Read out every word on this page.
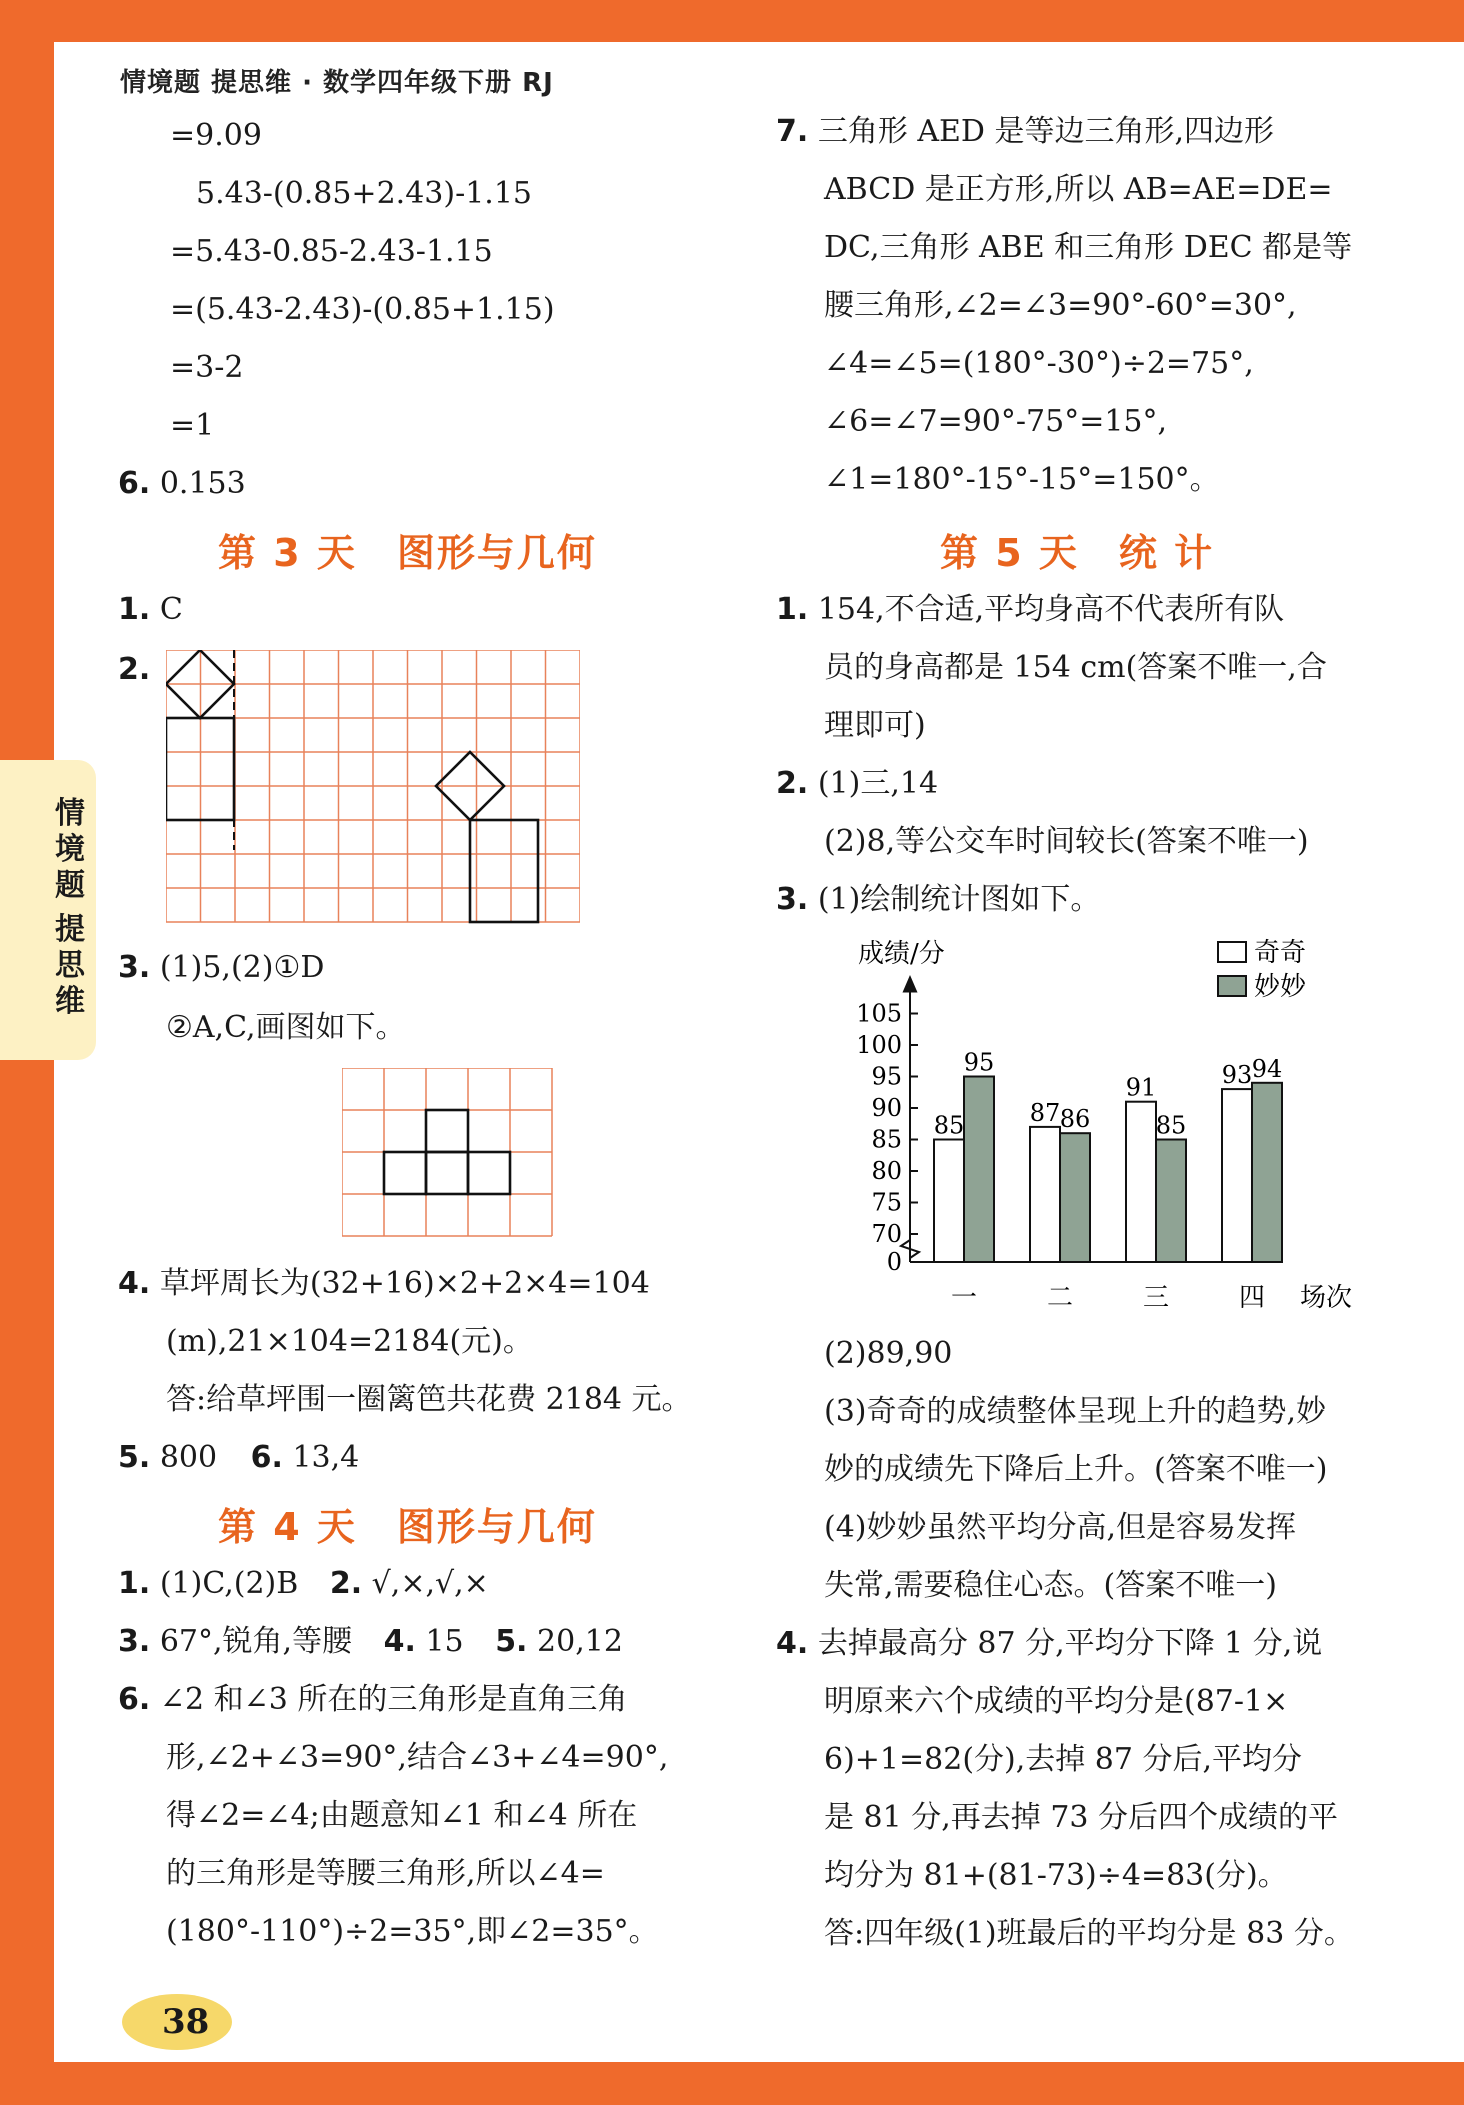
情境题 提思维 · 数学四年级下册 RJ
情境题
提思维
=9.09
5.43-(0.85+2.43)-1.15
=5.43-0.85-2.43-1.15
=(5.43-2.43)-(0.85+1.15)
=3-2
=1
6. 0.153
第 3 天　图形与几何
1. C
2.
3. (1)5,(2)①D
②A,C,画图如下。
4. 草坪周长为(32+16)×2+2×4=104
(m),21×104=2184(元)。
答:给草坪围一圈篱笆共花费 2184 元。
5. 800 6. 13,4
第 4 天　图形与几何
1. (1)C,(2)B 2. √,×,√,×
3. 67°,锐角,等腰 4. 15 5. 20,12
6. ∠2 和∠3 所在的三角形是直角三角
形,∠2+∠3=90°,结合∠3+∠4=90°,
得∠2=∠4;由题意知∠1 和∠4 所在
的三角形是等腰三角形,所以∠4=
(180°-110°)÷2=35°,即∠2=35°。
7. 三角形 AED 是等边三角形,四边形
ABCD 是正方形,所以 AB=AE=DE=
DC,三角形 ABE 和三角形 DEC 都是等
腰三角形,∠2=∠3=90°-60°=30°,
∠4=∠5=(180°-30°)÷2=75°,
∠6=∠7=90°-75°=15°,
∠1=180°-15°-15°=150°。
第 5 天　统 计
1. 154,不合适,平均身高不代表所有队
员的身高都是 154 cm(答案不唯一,合
理即可)
2. (1)三,14
(2)8,等公交车时间较长(答案不唯一)
3. (1)绘制统计图如下。
成绩/分
场次
奇奇
妙妙
0
70
75
80
85
90
95
100
105
85
95
87 86
91
85
93 94
一	二	三	四
(2)89,90
(3)奇奇的成绩整体呈现上升的趋势,妙
妙的成绩先下降后上升。(答案不唯一)
(4)妙妙虽然平均分高,但是容易发挥
失常,需要稳住心态。(答案不唯一)
4. 去掉最高分 87 分,平均分下降 1 分,说
明原来六个成绩的平均分是(87-1×
6)+1=82(分),去掉 87 分后,平均分
是 81 分,再去掉 73 分后四个成绩的平
均分为 81+(81-73)÷4=83(分)。
答:四年级(1)班最后的平均分是 83 分。
38
